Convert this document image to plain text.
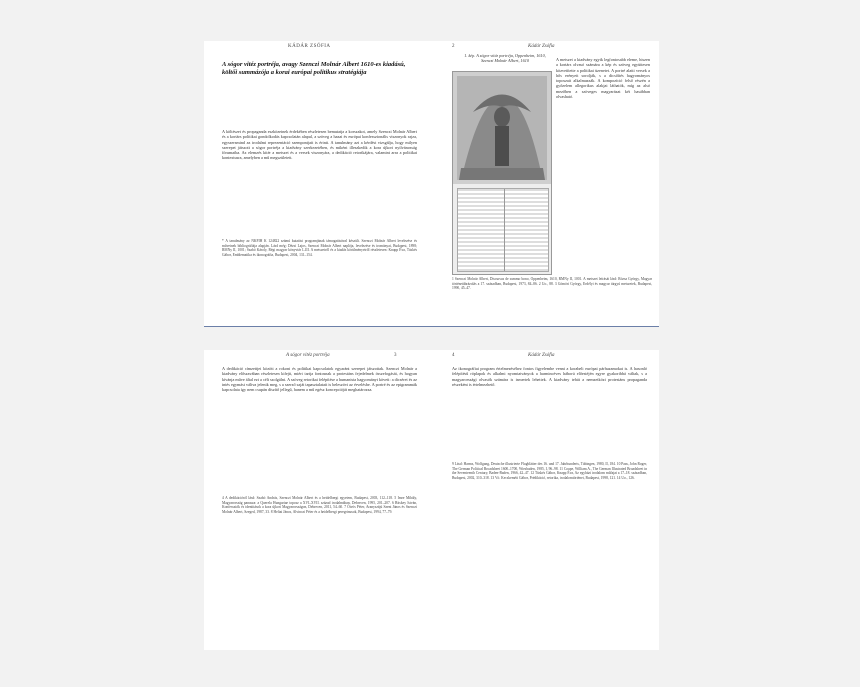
KÁDÁR ZSÓFIA
A sógor vitéz portréja, avagy Szenczi Molnár Albert 1610-es kiadású, költői summázója a korai európai politikus stratégiája
A költészet és propaganda eszközeinek érdekében részletesen bemutatja a korszakot, amely Szenczi Molnár Albert és a kortárs politikai gondolkodás kapcsolatán alapul, a szöveg a hazai és európai konfesszionális viszonyok rajza, egyszersmind az irodalmi reprezentáció szempontjait is érinti. A tanulmány azt a kérdést vizsgálja, hogy milyen szerepet játszott a sógor portréja a kiadvány szerkezetében, és miként illeszkedik a kora újkori nyilvánosság fórumaiba. Az elemzés kitér a metszet és a versek viszonyára, a dedikáció retorikájára, valamint arra a politikai kontextusra, amelyben a mű megszületett.
* A tanulmány az NKFIH K 124822 számú kutatási programjának támogatásával készült. Szenczi Molnár Albert levelezése és műveinek bibliográfiája alapján. Lásd még: Dézsi Lajos, Szenczi Molnár Albert naplója, levelezése és irományai, Budapest, 1898; RMNy II, 1001; Szabó Károly, Régi magyar könyvtár I–III. A metszetről és a kiadás körülményeiről részletesen: Knapp Éva, Tüskés Gábor, Emblematika és ikonográfia, Budapest, 2004, 131–154.
2	Kádár Zsófia
1. kép. A sógor vitéz portréja, Oppenheim, 1610, Szenczi Molnár Albert, 1610	A metszet a kiadvány egyik legfontosabb eleme, hiszen a kortárs olvasó számára a kép és szöveg együttesen közvetítette a politikai üzenetet. A portré alatti versek a hős erényeit sorolják, s a dicsőítés hagyományos toposzait alkalmazzák. A kompozíció felső részén a győzelem allegorikus alakjai láthatók, míg az alsó mezőben a szöveges magyarázat két hasábban olvasható.
1 Szenczi Molnár Albert, Discursus de summo bono, Oppenheim, 1610, RMNy II, 1001. A metszet leírását lásd: Rózsa György, Magyar történetábrázolás a 17. században, Budapest, 1973, 84–86. 2 Uo., 88. 3 Gömöri György, Erdélyi és magyar tárgyú metszetek, Budapest, 1990, 45–47.
A sógor vitéz portréja	3
A dedikáció címzettjei között a rokoni és politikai kapcsolatok egyaránt szerepet játszottak. Szenczi Molnár a kiadvány előszavában részletesen kifejti, miért tartja fontosnak a protestáns fejedelmek összefogását, és hogyan kívánja műve által ezt a célt szolgálni. A szöveg retorikai felépítése a humanista hagyományt követi: a dicséret és az intés egymást váltva jelenik meg, s a szerző saját tapasztalatait is beleszövi az érvelésbe. A portré és az epigrammák kapcsolata így nem csupán díszítő jellegű, hanem a mű egész koncepcióját meghatározza.
4 A dedikációról lásd: Szabó András, Szenczi Molnár Albert és a heidelbergi egyetem, Budapest, 2003, 112–118. 5 Imre Mihály, Magyarország panasza: a Querela Hungariae toposz a XVI–XVII. század irodalmában, Debrecen, 1995, 201–207. 6 Bitskey István, Konfessziók és identitások a kora újkori Magyarországon, Debrecen, 2011, 54–60. 7 Ötvös Péter, Aranyszájú Szent János és Szenczi Molnár Albert, Szeged, 1987, 33. 8 Heltai János, Alvinczi Péter és a heidelbergi peregrinusok, Budapest, 1994, 77–79.
4	Kádár Zsófia
Az ikonográfiai program értelmezéséhez fontos figyelembe venni a korabeli európai párhuzamokat is. A hasonló felépítésű röplapok és alkalmi nyomtatványok a harmincéves háború előestéjén egyre gyakoribbá váltak, s a magyarországi olvasók számára is ismertek lehettek. A kiadvány tehát a nemzetközi protestáns propaganda részeként is értelmezhető.
9 Lásd: Harms, Wolfgang, Deutsche illustrierte Flugblätter des 16. und 17. Jahrhunderts, Tübingen, 1980, II, 184. 10 Paas, John Roger, The German Political Broadsheet 1600–1700, Wiesbaden, 1985, I, 96–98. 11 Coupe, William A., The German Illustrated Broadsheet in the Seventeenth Century, Baden-Baden, 1966, 42–47. 12 Tüskés Gábor, Knapp Éva, Az egyházi irodalom műfajai a 17–18. században, Budapest, 2002, 310–318. 13 Vö. Kecskeméti Gábor, Prédikáció, retorika, irodalomtörténet, Budapest, 1998, 121. 14 Uo., 126.
